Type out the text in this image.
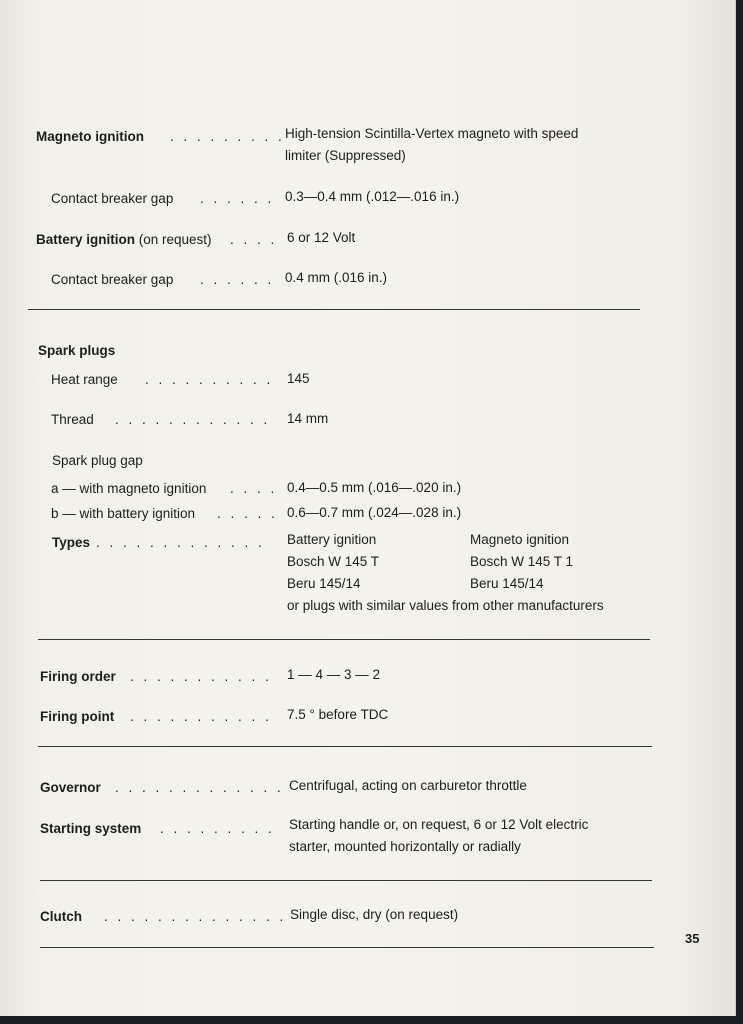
Magneto ignition . . . . . . . . . High-tension Scintilla-Vertex magneto with speed
limiter (Suppressed)
Contact breaker gap . . . . . . 0.3—0.4 mm (.012—.016 in.)
Battery ignition (on request) . . . . 6 or 12 Volt
Contact breaker gap . . . . . . 0.4 mm (.016 in.)
Spark plugs
Heat range . . . . . . . . . . 145
Thread . . . . . . . . . . . . 14 mm
Spark plug gap
a — with magneto ignition . . . . 0.4—0.5 mm (.016—.020 in.)
b — with battery ignition . . . . . 0.6—0.7 mm (.024—.028 in.)
Types . . . . . . . . . . . . . Battery ignition
Bosch W 145 T
Beru 145/14
Magneto ignition
Bosch W 145 T 1
Beru 145/14
or plugs with similar values from other manufacturers
Firing order . . . . . . . . . . . 1 — 4 — 3 — 2
Firing point . . . . . . . . . . . 7.5 ° before TDC
Governor . . . . . . . . . . . . . Centrifugal, acting on carburetor throttle
Starting system . . . . . . . . . Starting handle or, on request, 6 or 12 Volt electric
starter, mounted horizontally or radially
Clutch . . . . . . . . . . . . . . Single disc, dry (on request)
35
